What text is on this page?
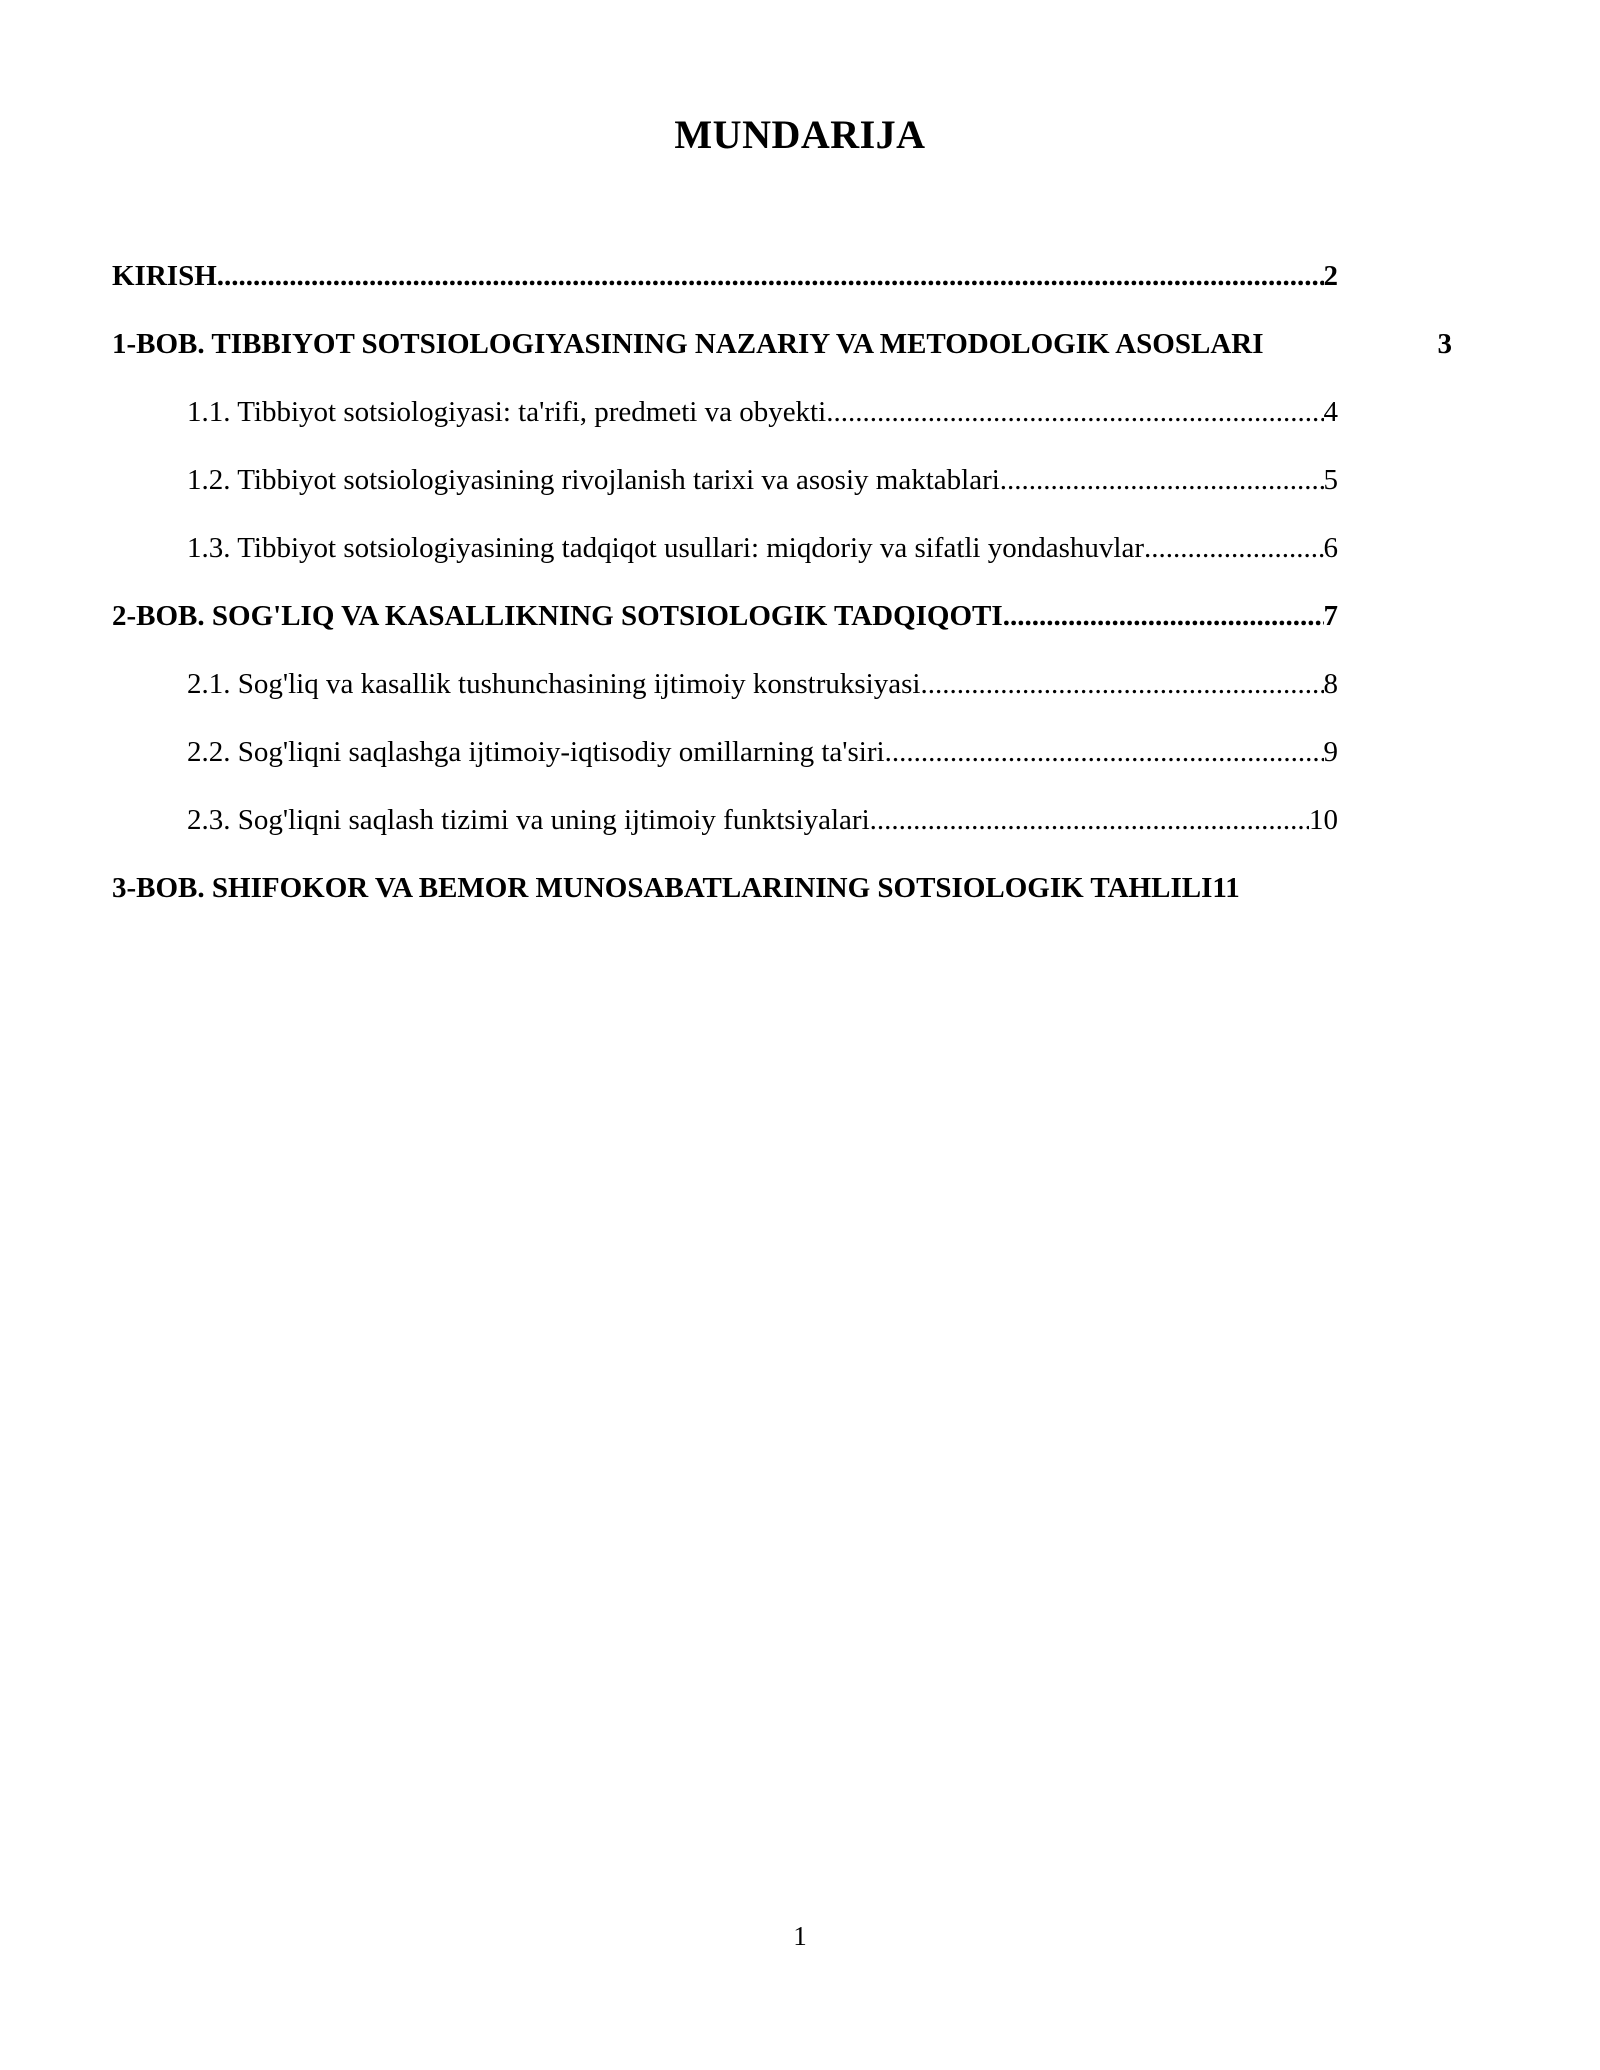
MUNDARIJA
KIRISH .....	2
1-BOB. TIBBIYOT SOTSIOLOGIYASINING NAZARIY VA METODOLOGIK ASOSLARI	3
1.1. Tibbiyot sotsiologiyasi: ta'rifi, predmeti va obyekti .....	4
1.2. Tibbiyot sotsiologiyasining rivojlanish tarixi va asosiy maktablari .....	5
1.3. Tibbiyot sotsiologiyasining tadqiqot usullari: miqdoriy va sifatli yondashuvlar .....	6
2-BOB. SOG'LIQ VA KASALLIKNING SOTSIOLOGIK TADQIQOTI .....	7
2.1. Sog'liq va kasallik tushunchasining ijtimoiy konstruksiyasi .....	8
2.2. Sog'liqni saqlashga ijtimoiy-iqtisodiy omillarning ta'siri .....	9
2.3. Sog'liqni saqlash tizimi va uning ijtimoiy funktsiyalari .....	10
3-BOB. SHIFOKOR VA BEMOR MUNOSABATLARINING SOTSIOLOGIK TAHLILI 11
1
